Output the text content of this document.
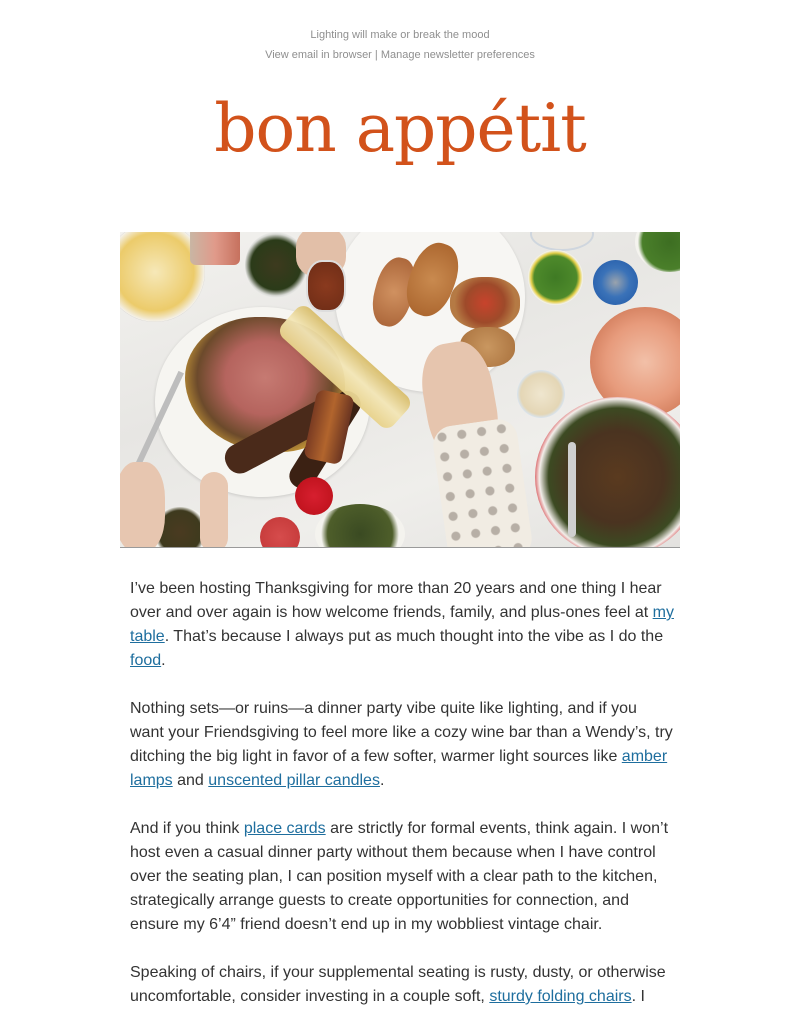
Lighting will make or break the mood
View email in browser | Manage newsletter preferences
bon appétit

I’ve been hosting Thanksgiving for more than 20 years and one thing I hear over and over again is how welcome friends, family, and plus-ones feel at my table. That’s because I always put as much thought into the vibe as I do the food.

Nothing sets—or ruins—a dinner party vibe quite like lighting, and if you want your Friendsgiving to feel more like a cozy wine bar than a Wendy’s, try ditching the big light in favor of a few softer, warmer light sources like amber lamps and unscented pillar candles.

And if you think place cards are strictly for formal events, think again. I won’t host even a casual dinner party without them because when I have control over the seating plan, I can position myself with a clear path to the kitchen, strategically arrange guests to create opportunities for connection, and ensure my 6’4” friend doesn’t end up in my wobbliest vintage chair.

Speaking of chairs, if your supplemental seating is rusty, dusty, or otherwise uncomfortable, consider investing in a couple soft, sturdy folding chairs. I
